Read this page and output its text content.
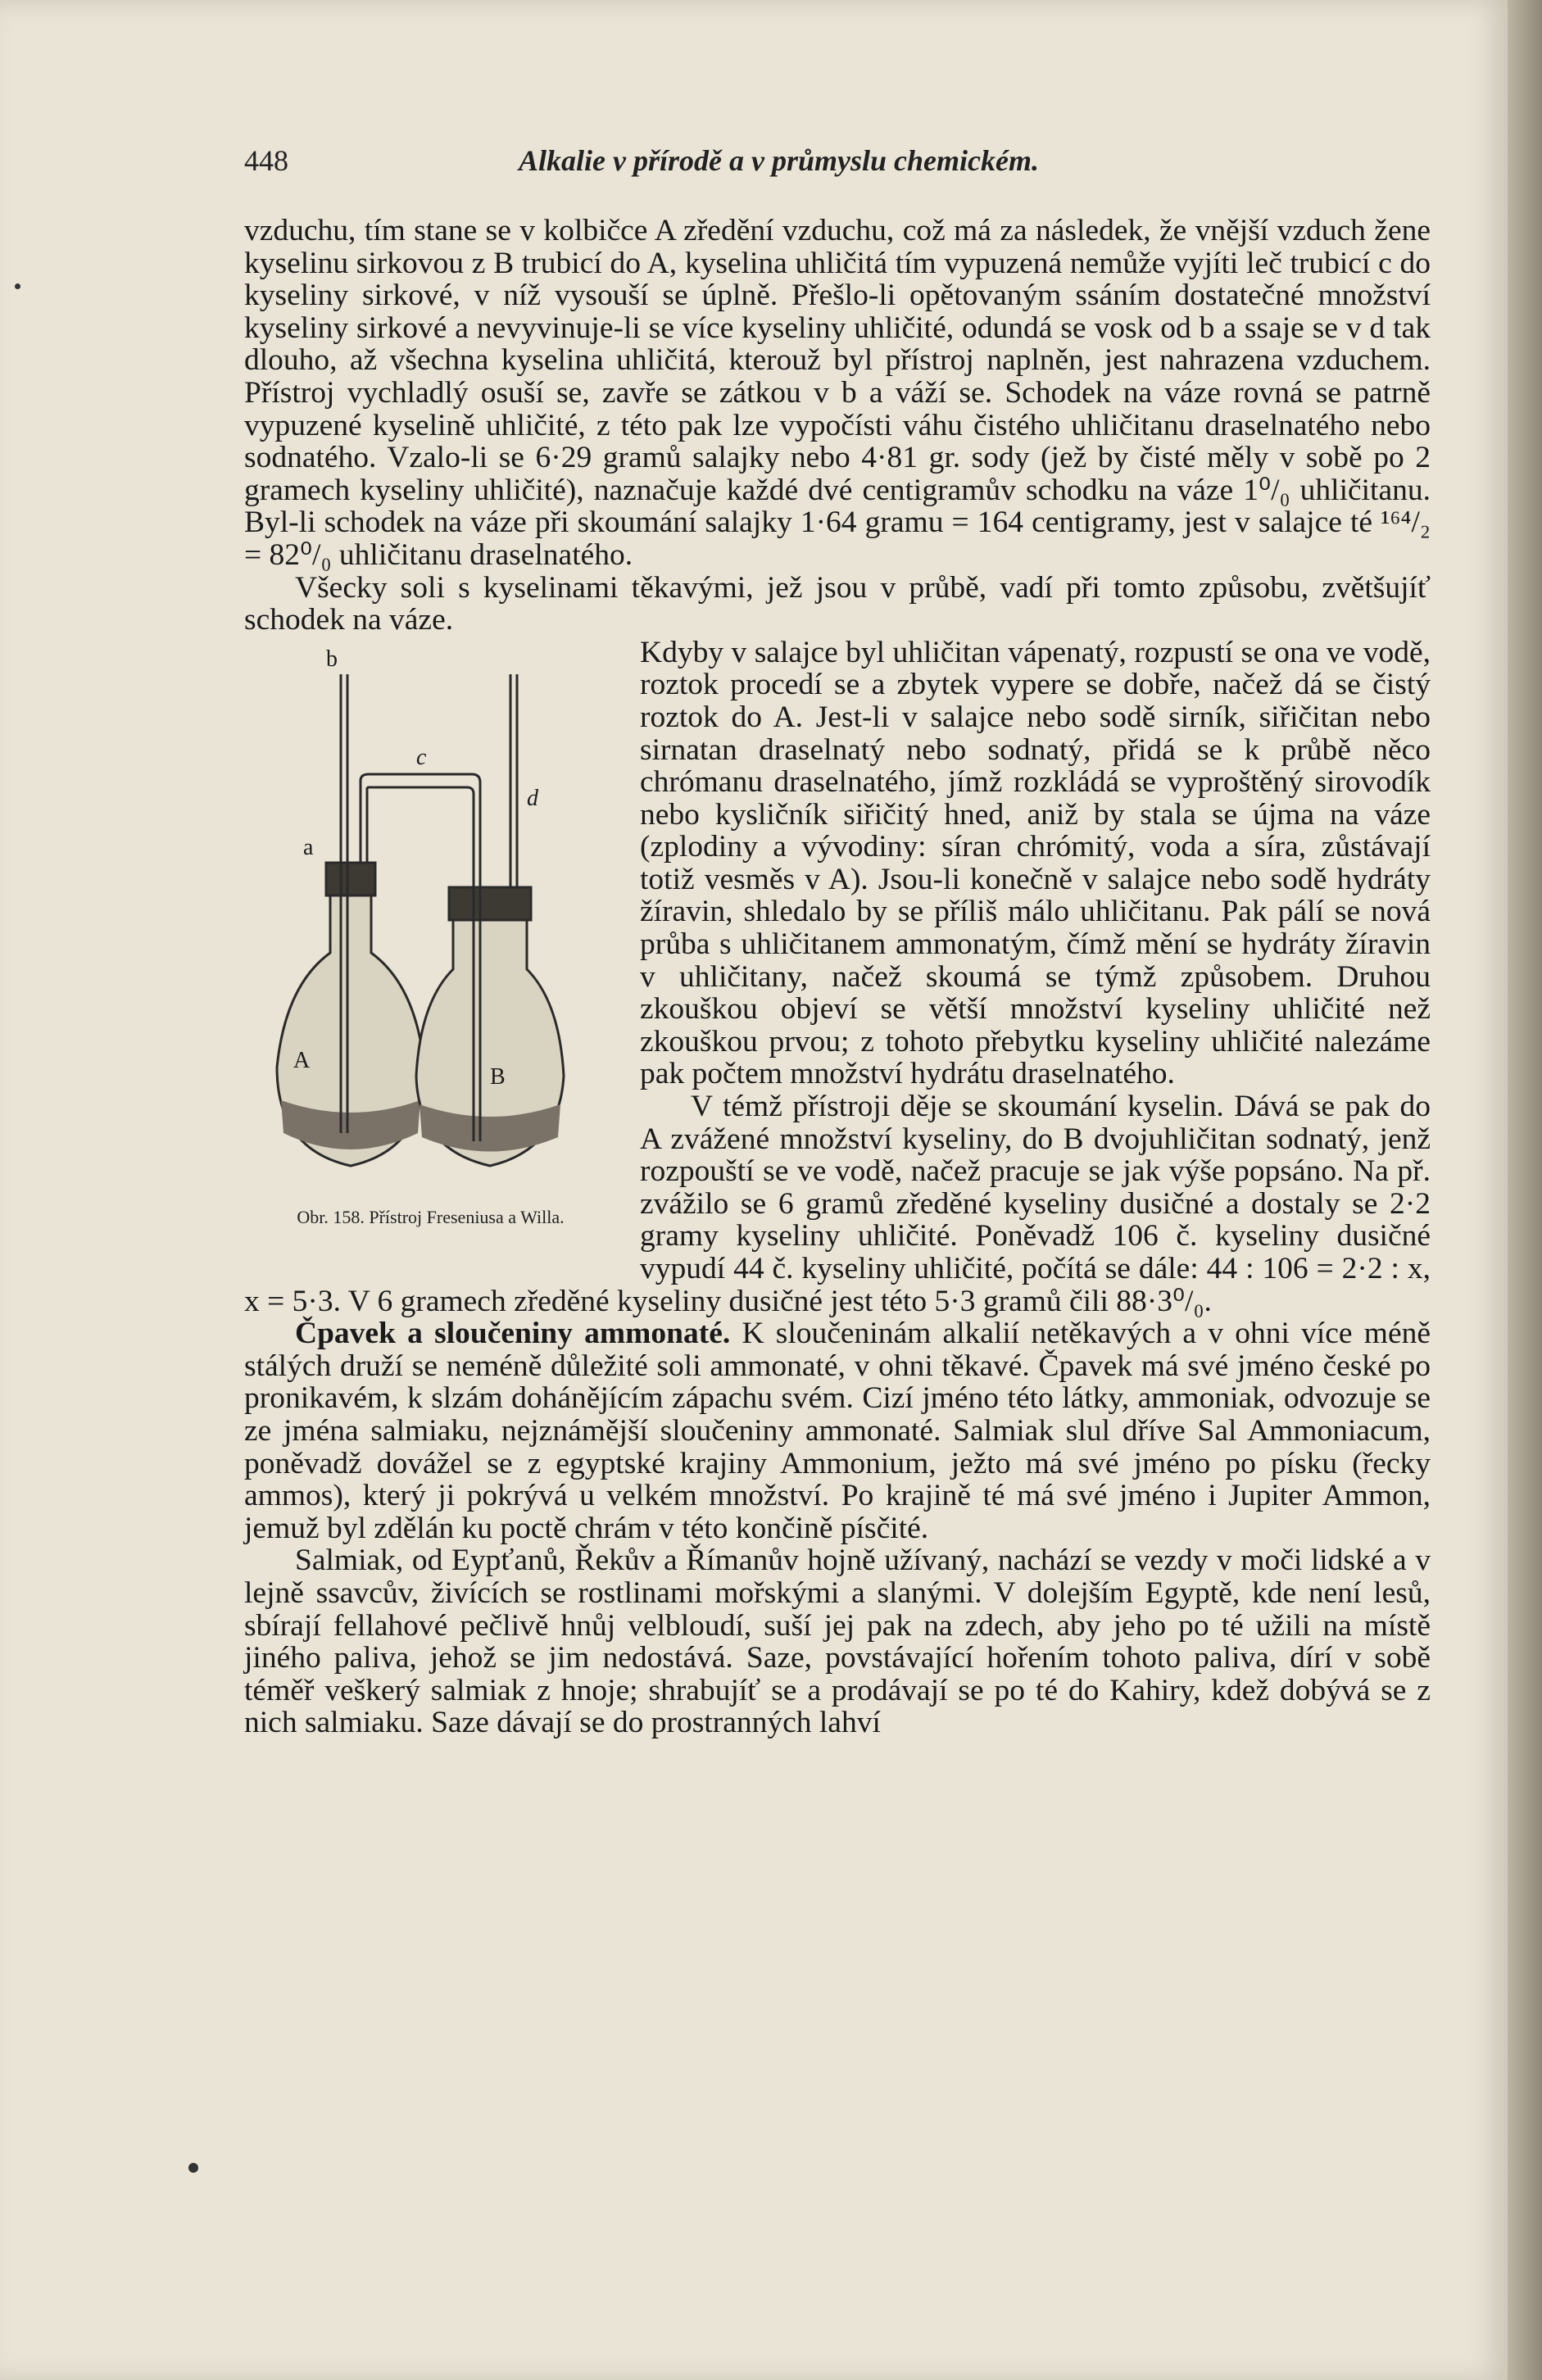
448	Alkalie v přírodě a v průmyslu chemickém.

vzduchu, tím stane se v kolbičce A zředění vzduchu, což má za následek, že vnější vzduch žene kyselinu sirkovou z B trubicí do A, kyselina uhličitá tím vypuzená nemůže vyjíti leč trubicí c do kyseliny sirkové, v níž vysouší se úplně. Přešlo-li opětovaným ssáním dostatečné množství kyseliny sirkové a nevyvinuje-li se více kyseliny uhličité, odundá se vosk od b a ssaje se v d tak dlouho, až všechna kyselina uhličitá, kterouž byl přístroj naplněn, jest nahrazena vzduchem. Přístroj vychladlý osuší se, zavře se zátkou v b a váží se. Schodek na váze rovná se patrně vypuzené kyselině uhličité, z této pak lze vypočísti váhu čistého uhličitanu draselnatého nebo sodnatého. Vzalo-li se 6·29 gramů salajky nebo 4·81 gr. sody (jež by čisté měly v sobě po 2 gramech kyseliny uhličité), naznačuje každé dvé centigramův schodku na váze 1⁰/₀ uhličitanu. Byl-li schodek na váze při skoumání salajky 1·64 gramu = 164 centigramy, jest v salajce té ¹⁶⁴/₂ = 82⁰/₀ uhličitanu draselnatého.

Všecky soli s kyselinami těkavými, jež jsou v průbě, vadí při tomto způsobu, zvětšujíť schodek na váze.

b
a
c
d
A
B
Obr. 158. Přístroj Freseniusa a Willa.

Kdyby v salajce byl uhličitan vápenatý, rozpustí se ona ve vodě, roztok procedí se a zbytek vypere se dobře, načež dá se čistý roztok do A. Jest-li v salajce nebo sodě sirník, siřičitan nebo sirnatan draselnatý nebo sodnatý, přidá se k průbě něco chrómanu draselnatého, jímž rozkládá se vyproštěný sirovodík nebo kysličník siřičitý hned, aniž by stala se újma na váze (zplodiny a vývodiny: síran chrómitý, voda a síra, zůstávají totiž vesměs v A). Jsou-li konečně v salajce nebo sodě hydráty žíravin, shledalo by se příliš málo uhličitanu. Pak pálí se nová průba s uhličitanem ammonatým, čímž mění se hydráty žíravin v uhličitany, načež skoumá se týmž způsobem. Druhou zkouškou objeví se větší množství kyseliny uhličité než zkouškou prvou; z tohoto přebytku kyseliny uhličité nalezáme pak počtem množství hydrátu draselnatého.

V témž přístroji děje se skoumání kyselin. Dává se pak do A zvážené množství kyseliny, do B dvojuhličitan sodnatý, jenž rozpouští se ve vodě, načež pracuje se jak výše popsáno. Na př. zvážilo se 6 gramů zředěné kyseliny dusičné a dostaly se 2·2 gramy kyseliny uhličité. Poněvadž 106 č. kyseliny dusičné vypudí 44 č. kyseliny uhličité, počítá se dále: 44 : 106 = 2·2 : x, x = 5·3. V 6 gramech zředěné kyseliny dusičné jest této 5·3 gramů čili 88·3⁰/₀.

Čpavek a sloučeniny ammonaté. K sloučeninám alkalií netěkavých a v ohni více méně stálých druží se neméně důležité soli ammonaté, v ohni těkavé. Čpavek má své jméno české po pronikavém, k slzám dohánějícím zápachu svém. Cizí jméno této látky, ammoniak, odvozuje se ze jména salmiaku, nejznámější sloučeniny ammonaté. Salmiak slul dříve Sal Ammoniacum, poněvadž dovážel se z egyptské krajiny Ammonium, ježto má své jméno po písku (řecky ammos), který ji pokrývá u velkém množství. Po krajině té má své jméno i Jupiter Ammon, jemuž byl zdělán ku poctě chrám v této končině písčité.

Salmiak, od Eypťanů, Řekův a Římanův hojně užívaný, nachází se vezdy v moči lidské a v lejně ssavcův, živících se rostlinami mořskými a slanými. V dolejším Egyptě, kde není lesů, sbírají fellahové pečlivě hnůj velbloudí, suší jej pak na zdech, aby jeho po té užili na místě jiného paliva, jehož se jim nedostává. Saze, povstávající hořením tohoto paliva, dírí v sobě téměř veškerý salmiak z hnoje; shrabujíť se a prodávají se po té do Kahiry, kdež dobývá se z nich salmiaku. Saze dávají se do prostranných lahví
